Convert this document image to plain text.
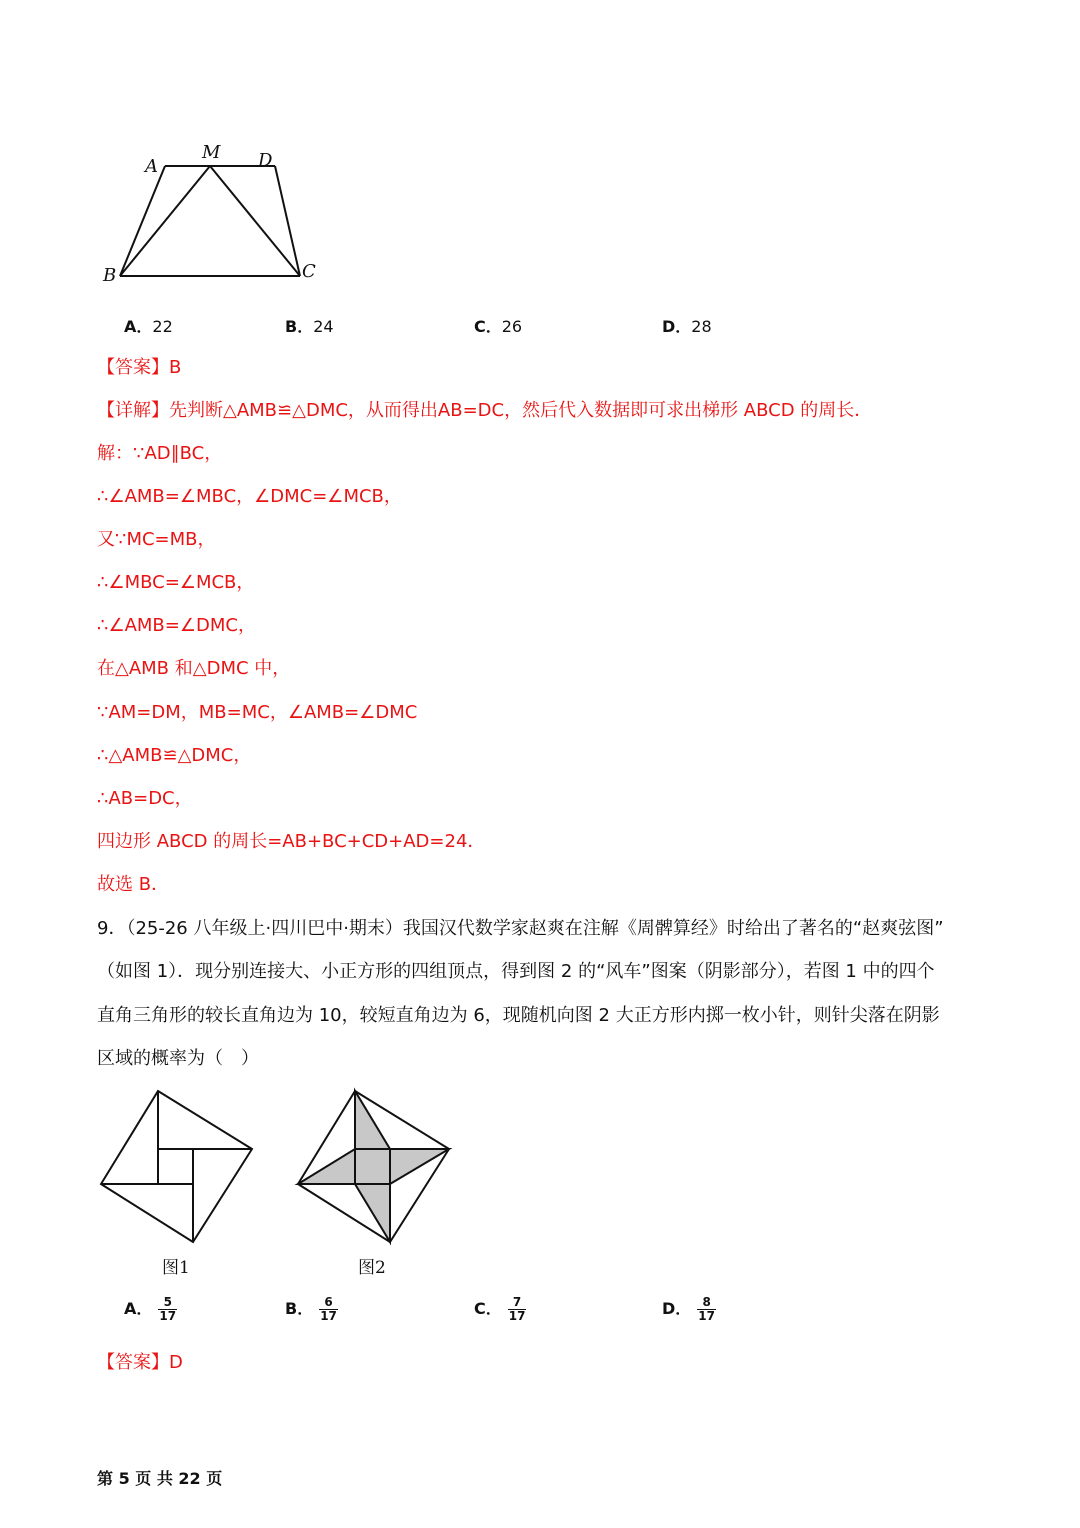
A
M D
B	C
A．22	B．24	C．26	D．28
【答案】B
【详解】先判断△AMB≌△DMC，从而得出AB=DC，然后代入数据即可求出梯形 ABCD 的周长．
解：∵AD∥BC，
∴∠AMB=∠MBC，∠DMC=∠MCB，
又∵MC=MB，
∴∠MBC=∠MCB，
∴∠AMB=∠DMC，
在△AMB 和△DMC 中，
∵AM=DM，MB=MC，∠AMB=∠DMC
∴△AMB≌△DMC，
∴AB=DC，
四边形 ABCD 的周长=AB+BC+CD+AD=24．
故选 B．
9．（25-26 八年级上·四川巴中·期末）我国汉代数学家赵爽在注解《周髀算经》时给出了著名的“赵爽弦图”
（如图 1）．现分别连接大、小正方形的四组顶点，得到图 2 的“风车”图案（阴影部分），若图 1 中的四个
直角三角形的较长直角边为 10，较短直角边为 6，现随机向图 2 大正方形内掷一枚小针，则针尖落在阴影
区域的概率为（　）
图1	图2
A． $\frac{5}{17}$	B． $\frac{6}{17}$	C． $\frac{7}{17}$	D． $\frac{8}{17}$
【答案】D
第 5 页 共 22 页
